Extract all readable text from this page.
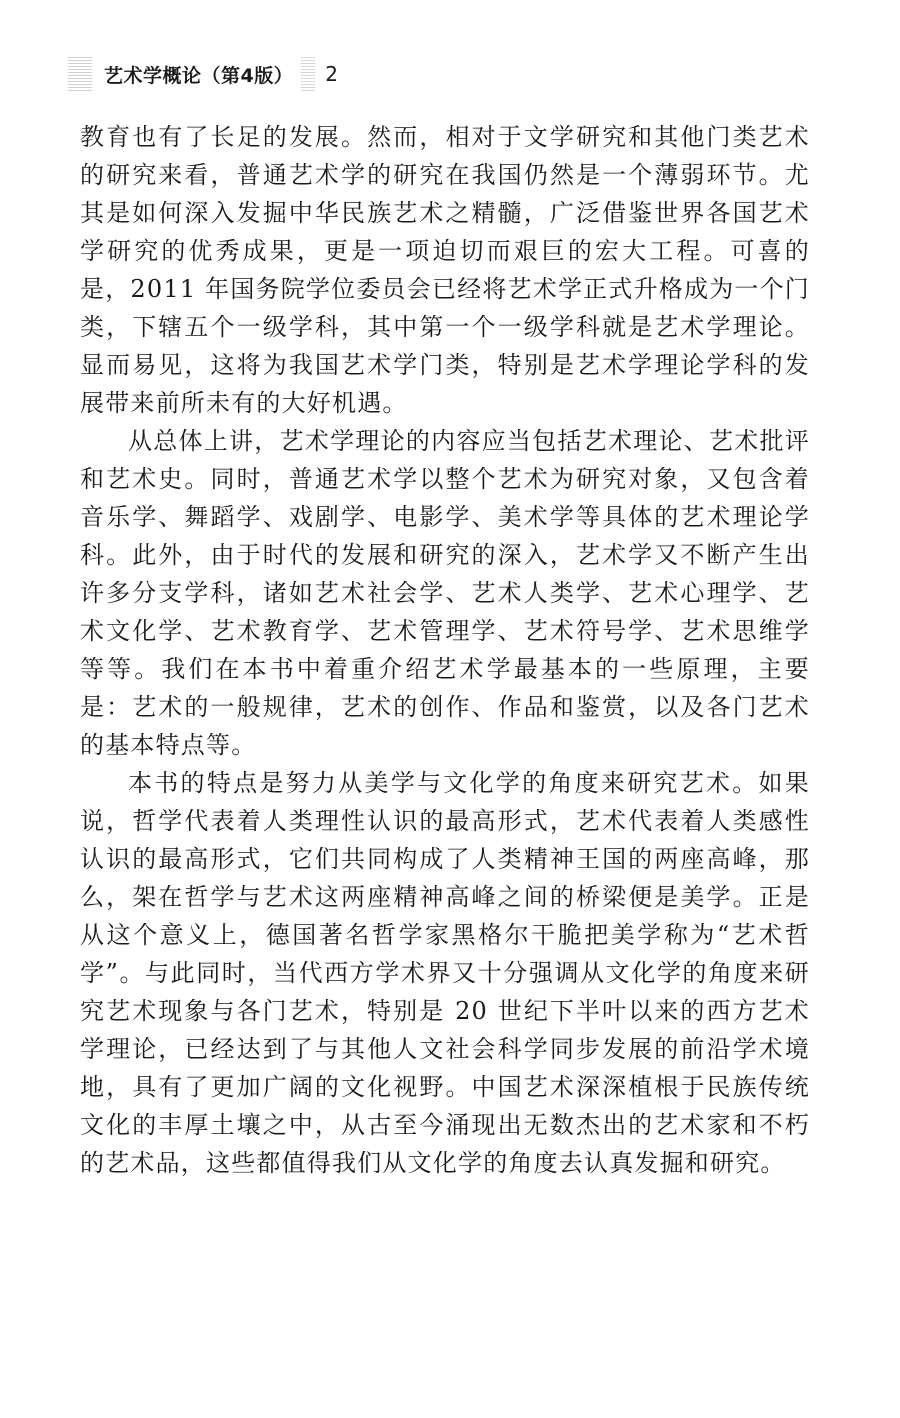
艺术学概论（第4版） 2

教育也有了长足的发展。然而，相对于文学研究和其他门类艺术的研究来看，普通艺术学的研究在我国仍然是一个薄弱环节。尤其是如何深入发掘中华民族艺术之精髓，广泛借鉴世界各国艺术学研究的优秀成果，更是一项迫切而艰巨的宏大工程。可喜的是，2011 年国务院学位委员会已经将艺术学正式升格成为一个门类，下辖五个一级学科，其中第一个一级学科就是艺术学理论。显而易见，这将为我国艺术学门类，特别是艺术学理论学科的发展带来前所未有的大好机遇。

从总体上讲，艺术学理论的内容应当包括艺术理论、艺术批评和艺术史。同时，普通艺术学以整个艺术为研究对象，又包含着音乐学、舞蹈学、戏剧学、电影学、美术学等具体的艺术理论学科。此外，由于时代的发展和研究的深入，艺术学又不断产生出许多分支学科，诸如艺术社会学、艺术人类学、艺术心理学、艺术文化学、艺术教育学、艺术管理学、艺术符号学、艺术思维学等等。我们在本书中着重介绍艺术学最基本的一些原理，主要是：艺术的一般规律，艺术的创作、作品和鉴赏，以及各门艺术的基本特点等。

本书的特点是努力从美学与文化学的角度来研究艺术。如果说，哲学代表着人类理性认识的最高形式，艺术代表着人类感性认识的最高形式，它们共同构成了人类精神王国的两座高峰，那么，架在哲学与艺术这两座精神高峰之间的桥梁便是美学。正是从这个意义上，德国著名哲学家黑格尔干脆把美学称为“艺术哲学”。与此同时，当代西方学术界又十分强调从文化学的角度来研究艺术现象与各门艺术，特别是 20 世纪下半叶以来的西方艺术学理论，已经达到了与其他人文社会科学同步发展的前沿学术境地，具有了更加广阔的文化视野。中国艺术深深植根于民族传统文化的丰厚土壤之中，从古至今涌现出无数杰出的艺术家和不朽的艺术品，这些都值得我们从文化学的角度去认真发掘和研究。
